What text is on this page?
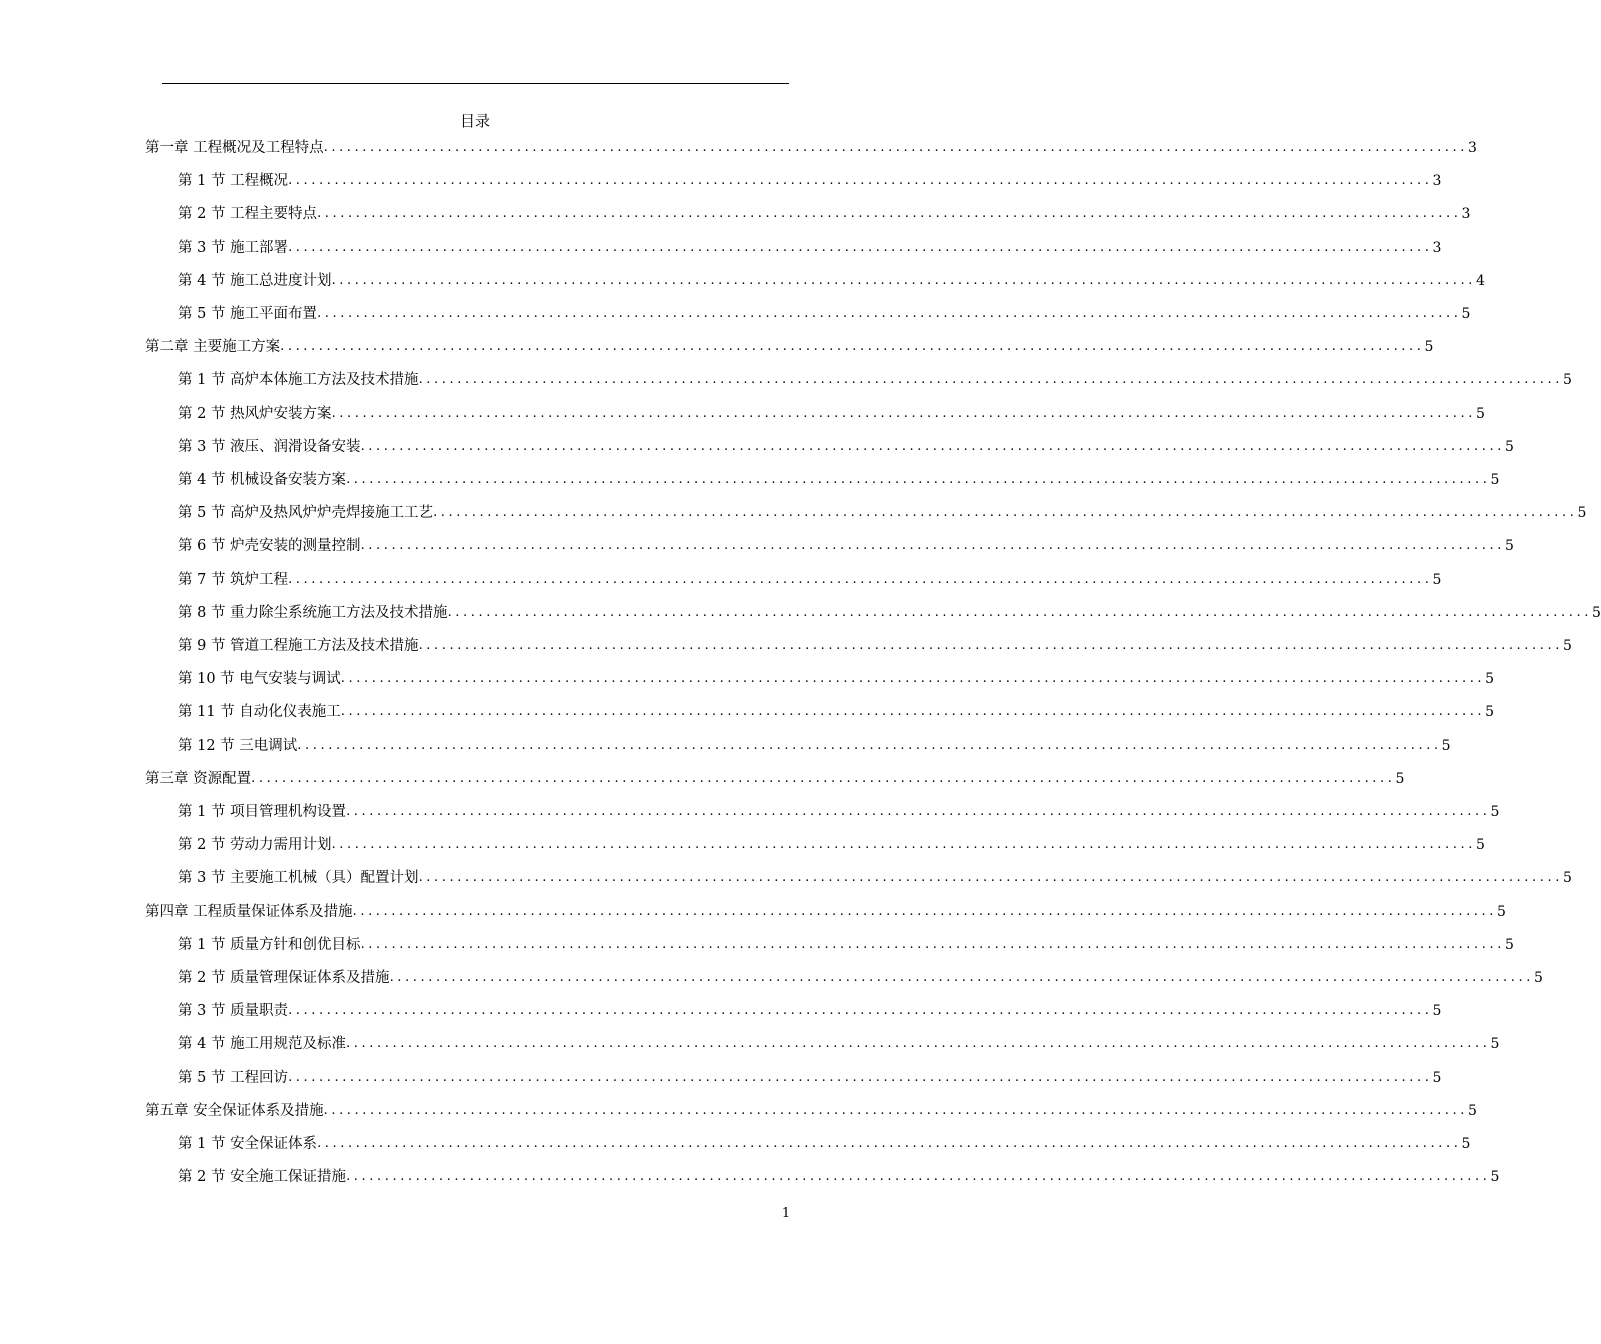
目录
第一章
工程概况及工程特点 .................................................................................................................................................... 3
第 1 节
工程概况 .................................................................................................................................................... 3
第 2 节
工程主要特点 .................................................................................................................................................... 3
第 3 节
施工部署 .................................................................................................................................................... 3
第 4 节
施工总进度计划 .................................................................................................................................................... 4
第 5 节
施工平面布置 .................................................................................................................................................... 5
第二章
主要施工方案 .................................................................................................................................................... 5
第 1 节
高炉本体施工方法及技术措施 .................................................................................................................................................... 5
第 2 节
热风炉安装方案 .................................................................................................................................................... 5
第 3 节
液压、润滑设备安装 .................................................................................................................................................... 5
第 4 节
机械设备安装方案 .................................................................................................................................................... 5
第 5 节
高炉及热风炉炉壳焊接施工工艺 .................................................................................................................................................... 5
第 6 节
炉壳安装的测量控制 .................................................................................................................................................... 5
第 7 节
筑炉工程 .................................................................................................................................................... 5
第 8 节
重力除尘系统施工方法及技术措施 .................................................................................................................................................... 5
第 9 节
管道工程施工方法及技术措施 .................................................................................................................................................... 5
第 10 节
电气安装与调试 .................................................................................................................................................... 5
第 11 节
自动化仪表施工 .................................................................................................................................................... 5
第 12 节
三电调试 .................................................................................................................................................... 5
第三章
资源配置 .................................................................................................................................................... 5
第 1 节
项目管理机构设置 .................................................................................................................................................... 5
第 2 节
劳动力需用计划 .................................................................................................................................................... 5
第 3 节
主要施工机械（具）配置计划 .................................................................................................................................................... 5
第四章
工程质量保证体系及措施 .................................................................................................................................................... 5
第 1 节
质量方针和创优目标 .................................................................................................................................................... 5
第 2 节
质量管理保证体系及措施 .................................................................................................................................................... 5
第 3 节
质量职责 .................................................................................................................................................... 5
第 4 节
施工用规范及标准 .................................................................................................................................................... 5
第 5 节
工程回访 .................................................................................................................................................... 5
第五章
安全保证体系及措施 .................................................................................................................................................... 5
第 1 节
安全保证体系 .................................................................................................................................................... 5
第 2 节
安全施工保证措施 .................................................................................................................................................... 5
1
